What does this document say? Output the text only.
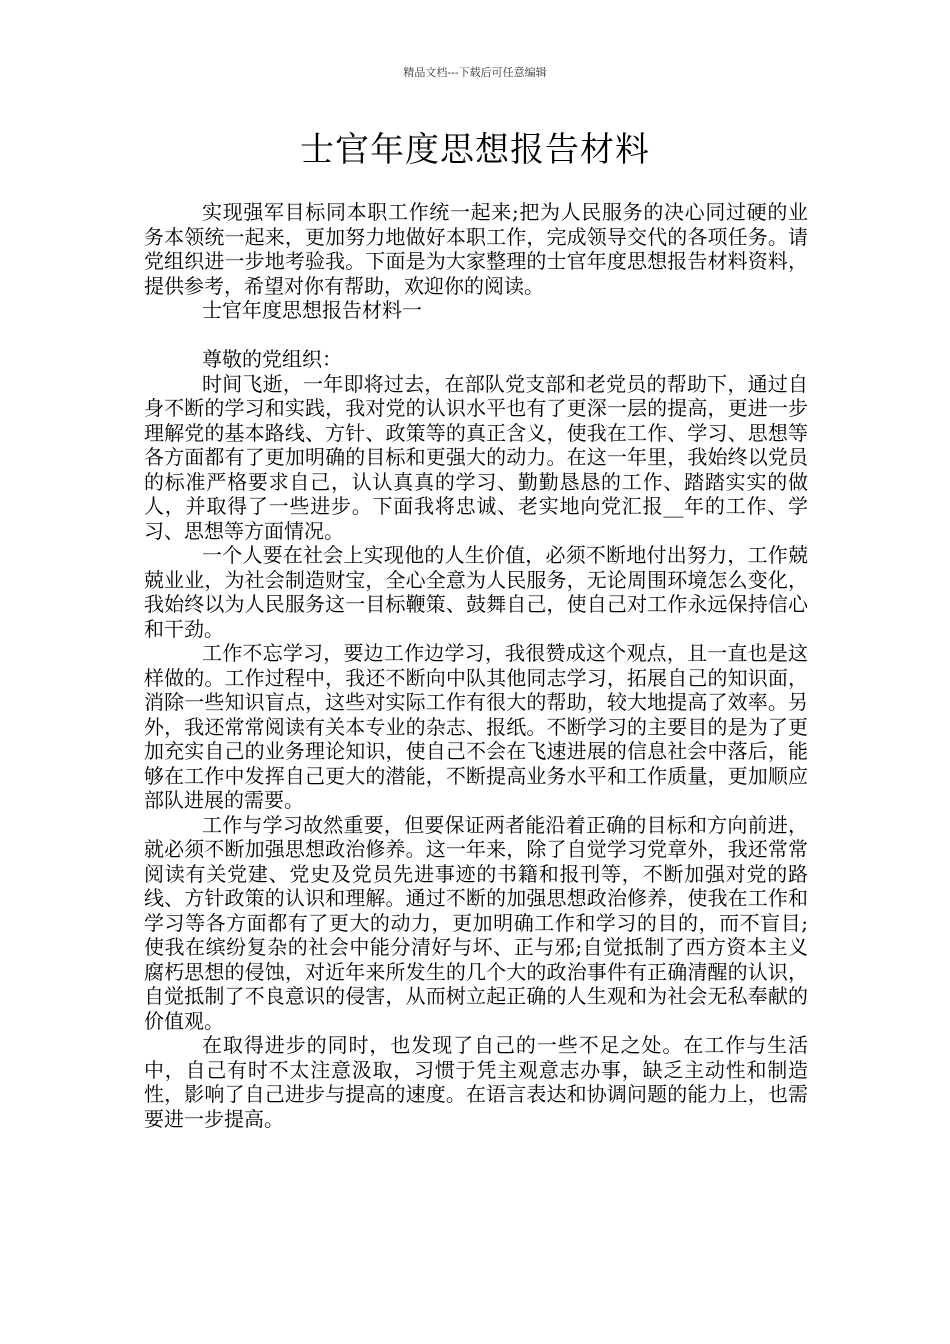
精品文档---下载后可任意编辑
士官年度思想报告材料

实现强军目标同本职工作统一起来;把为人民服务的决心同过硬的业务本领统一起来，更加努力地做好本职工作，完成领导交代的各项任务。请党组织进一步地考验我。下面是为大家整理的士官年度思想报告材料资料，提供参考，希望对你有帮助，欢迎你的阅读。

士官年度思想报告材料一

尊敬的党组织：

时间飞逝，一年即将过去，在部队党支部和老党员的帮助下，通过自身不断的学习和实践，我对党的认识水平也有了更深一层的提高，更进一步理解党的基本路线、方针、政策等的真正含义，使我在工作、学习、思想等各方面都有了更加明确的目标和更强大的动力。在这一年里，我始终以党员的标准严格要求自己，认认真真的学习、勤勤恳恳的工作、踏踏实实的做人，并取得了一些进步。下面我将忠诚、老实地向党汇报__年的工作、学习、思想等方面情况。

一个人要在社会上实现他的人生价值，必须不断地付出努力，工作兢兢业业，为社会制造财宝，全心全意为人民服务，无论周围环境怎么变化，我始终以为人民服务这一目标鞭策、鼓舞自己，使自己对工作永远保持信心和干劲。

工作不忘学习，要边工作边学习，我很赞成这个观点，且一直也是这样做的。工作过程中，我还不断向中队其他同志学习，拓展自己的知识面，消除一些知识盲点，这些对实际工作有很大的帮助，较大地提高了效率。另外，我还常常阅读有关本专业的杂志、报纸。不断学习的主要目的是为了更加充实自己的业务理论知识，使自己不会在飞速进展的信息社会中落后，能够在工作中发挥自己更大的潜能，不断提高业务水平和工作质量，更加顺应部队进展的需要。

工作与学习故然重要，但要保证两者能沿着正确的目标和方向前进，就必须不断加强思想政治修养。这一年来，除了自觉学习党章外，我还常常阅读有关党建、党史及党员先进事迹的书籍和报刊等，不断加强对党的路线、方针政策的认识和理解。通过不断的加强思想政治修养，使我在工作和学习等各方面都有了更大的动力，更加明确工作和学习的目的，而不盲目;使我在缤纷复杂的社会中能分清好与坏、正与邪;自觉抵制了西方资本主义腐朽思想的侵蚀，对近年来所发生的几个大的政治事件有正确清醒的认识，自觉抵制了不良意识的侵害，从而树立起正确的人生观和为社会无私奉献的价值观。

在取得进步的同时，也发现了自己的一些不足之处。在工作与生活中，自己有时不太注意汲取，习惯于凭主观意志办事，缺乏主动性和制造性，影响了自己进步与提高的速度。在语言表达和协调问题的能力上，也需要进一步提高。
